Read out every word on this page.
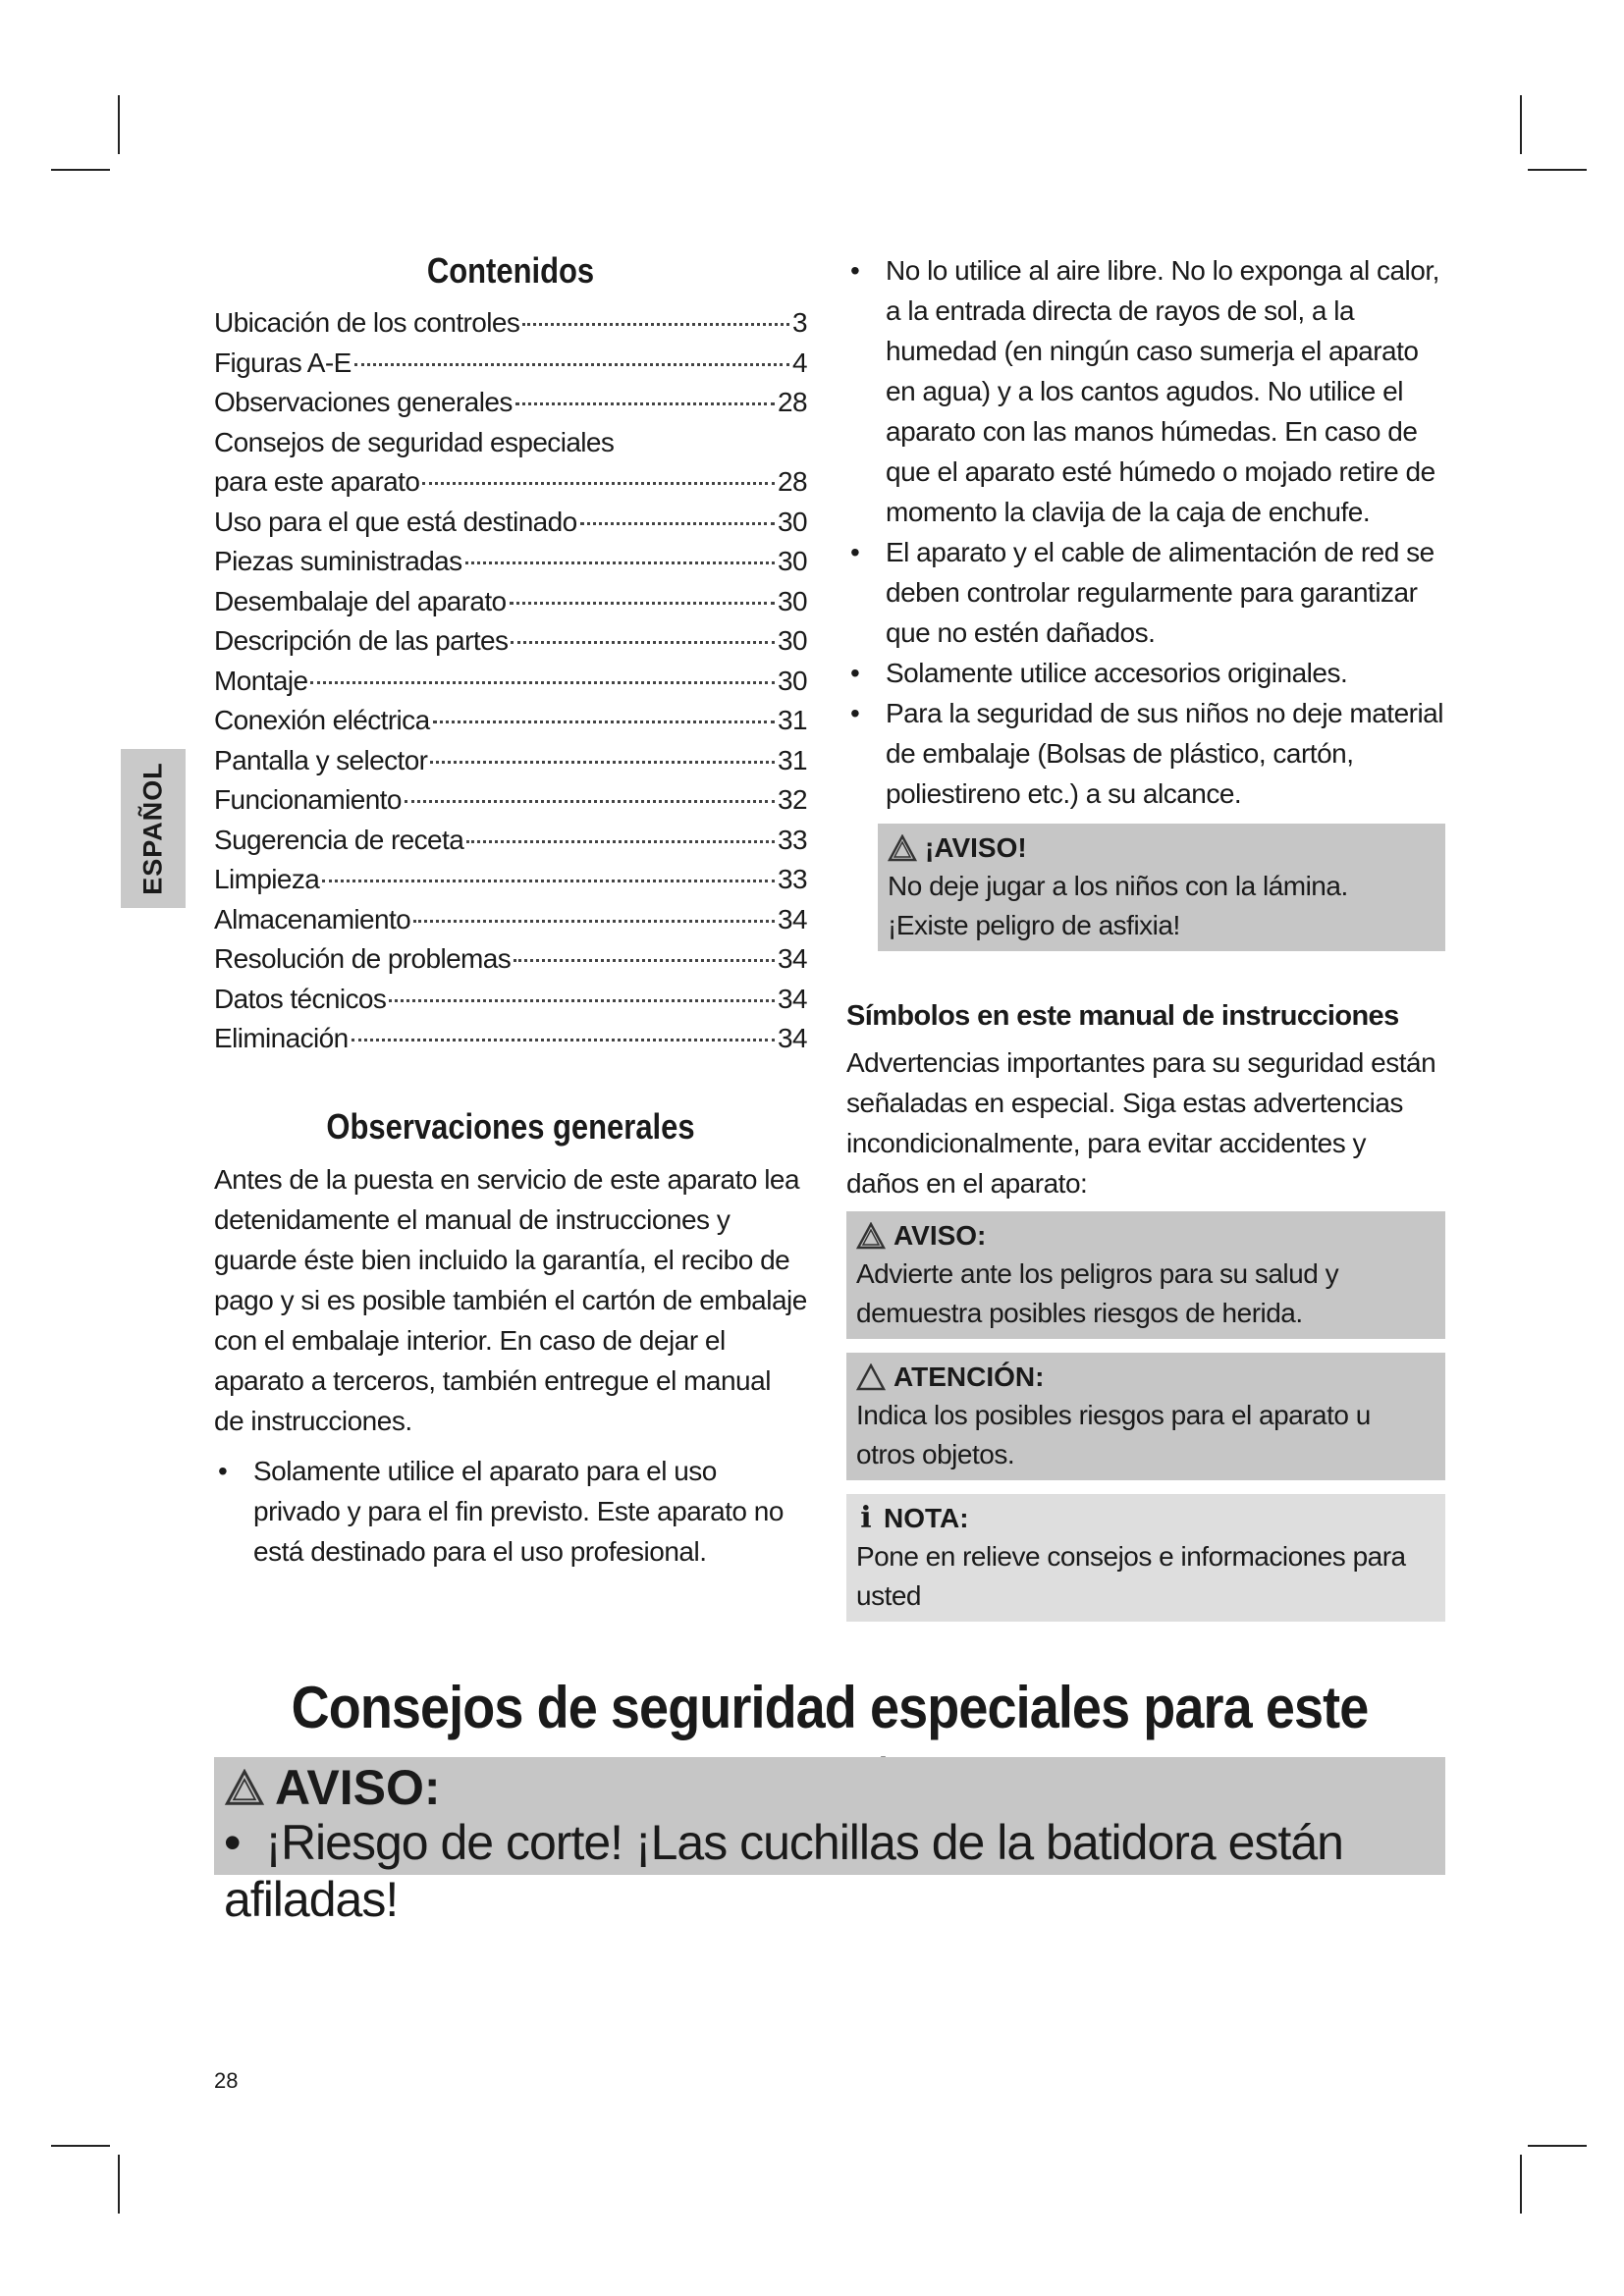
ESPAÑOL
Contenidos
Ubicación de los controles	3
Figuras A-E	4
Observaciones generales	28
Consejos de seguridad especiales
para este aparato	28
Uso para el que está destinado	30
Piezas suministradas	30
Desembalaje del aparato	30
Descripción de las partes	30
Montaje	30
Conexión eléctrica	31
Pantalla y selector	31
Funcionamiento	32
Sugerencia de receta	33
Limpieza	33
Almacenamiento	34
Resolución de problemas	34
Datos técnicos	34
Eliminación	34
Observaciones generales

Antes de la puesta en servicio de este aparato lea detenidamente el manual de instrucciones y guarde éste bien incluido la garantía, el recibo de pago y si es posible también el cartón de embalaje con el embalaje interior. En caso de dejar el aparato a terceros, también entregue el manual de instrucciones.

• Solamente utilice el aparato para el uso privado y para el fin previsto. Este aparato no está destinado para el uso profesional.
• No lo utilice al aire libre. No lo exponga al calor, a la entrada directa de rayos de sol, a la humedad (en ningún caso sumerja el aparato en agua) y a los cantos agudos. No utilice el aparato con las manos húmedas. En caso de que el aparato esté húmedo o mojado retire de momento la clavija de la caja de enchufe.
• El aparato y el cable de alimentación de red se deben controlar regularmente para garantizar que no estén dañados.
• Solamente utilice accesorios originales.
• Para la seguridad de sus niños no deje material de embalaje (Bolsas de plástico, cartón, poliestireno etc.) a su alcance.
¡AVISO!
No deje jugar a los niños con la lámina. ¡Existe peligro de asfixia!
Símbolos en este manual de instrucciones

Advertencias importantes para su seguridad están señaladas en especial. Siga estas advertencias incondicionalmente, para evitar accidentes y daños en el aparato:

AVISO:
Advierte ante los peligros para su salud y demuestra posibles riesgos de herida.
ATENCIÓN:
Indica los posibles riesgos para el aparato u otros objetos.
i NOTA:
Pone en relieve consejos e informaciones para usted
Consejos de seguridad especiales para este
AVISO:
•  ¡Riesgo de corte! ¡Las cuchillas de la batidora están afiladas!
28
